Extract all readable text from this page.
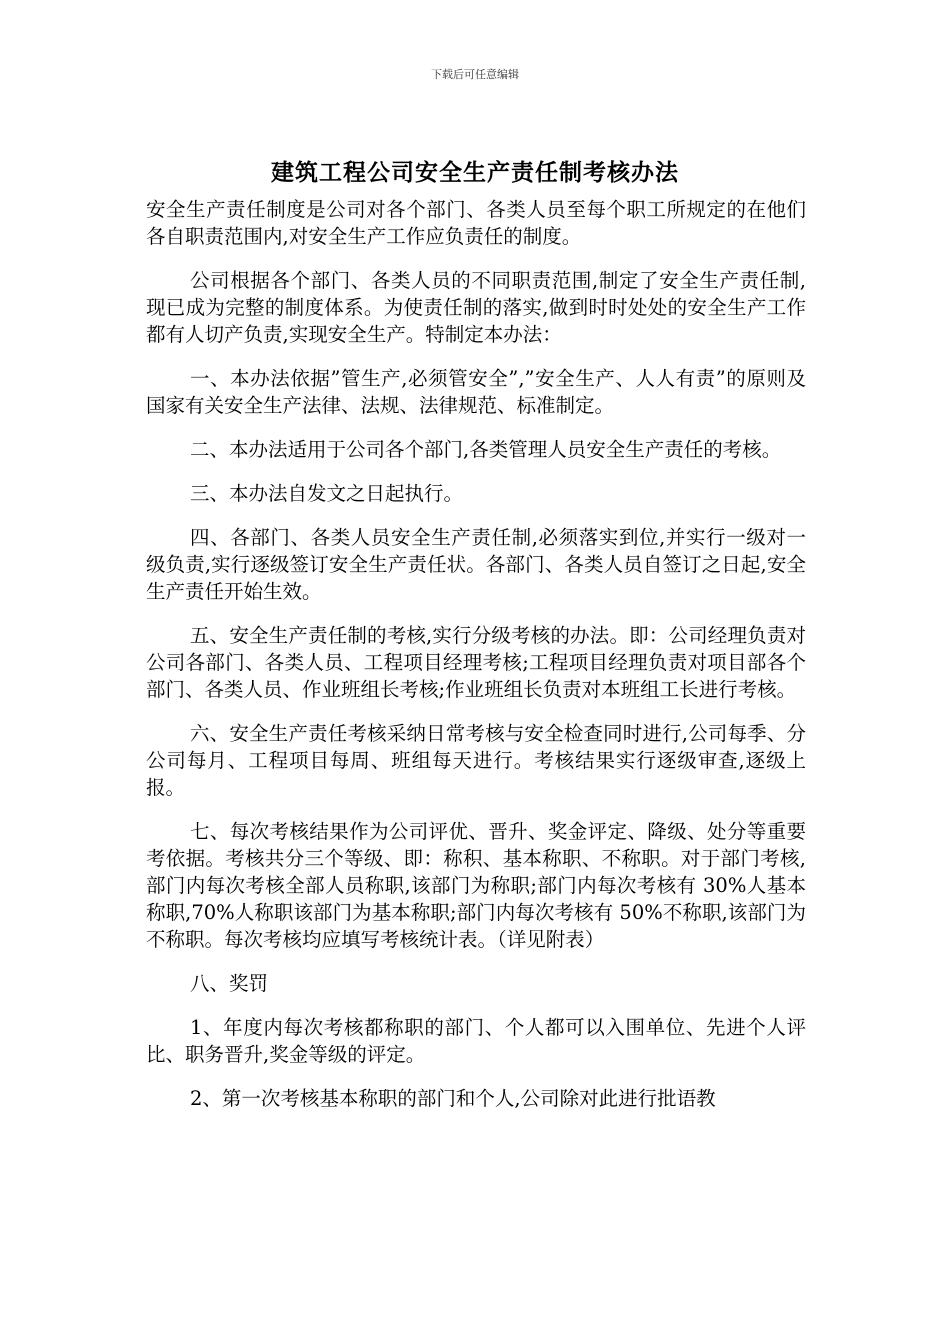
下载后可任意编辑
建筑工程公司安全生产责任制考核办法

安全生产责任制度是公司对各个部门、各类人员至每个职工所规定的在他们各自职责范围内,对安全生产工作应负责任的制度。

公司根据各个部门、各类人员的不同职责范围,制定了安全生产责任制,现已成为完整的制度体系。为使责任制的落实,做到时时处处的安全生产工作都有人切产负责,实现安全生产。特制定本办法：

一、本办法依据”管生产,必须管安全”,”安全生产、人人有责”的原则及国家有关安全生产法律、法规、法律规范、标准制定。

二、本办法适用于公司各个部门,各类管理人员安全生产责任的考核。

三、本办法自发文之日起执行。

四、各部门、各类人员安全生产责任制,必须落实到位,并实行一级对一级负责,实行逐级签订安全生产责任状。各部门、各类人员自签订之日起,安全生产责任开始生效。

五、安全生产责任制的考核,实行分级考核的办法。即：公司经理负责对公司各部门、各类人员、工程项目经理考核;工程项目经理负责对项目部各个部门、各类人员、作业班组长考核;作业班组长负责对本班组工长进行考核。

六、安全生产责任考核采纳日常考核与安全检查同时进行,公司每季、分公司每月、工程项目每周、班组每天进行。考核结果实行逐级审查,逐级上报。

七、每次考核结果作为公司评优、晋升、奖金评定、降级、处分等重要考依据。考核共分三个等级、即：称积、基本称职、不称职。对于部门考核,部门内每次考核全部人员称职,该部门为称职;部门内每次考核有 30%人基本称职,70%人称职该部门为基本称职;部门内每次考核有 50%不称职,该部门为不称职。每次考核均应填写考核统计表。（详见附表）

八、奖罚

1、年度内每次考核都称职的部门、个人都可以入围单位、先进个人评比、职务晋升,奖金等级的评定。

2、第一次考核基本称职的部门和个人,公司除对此进行批语教
